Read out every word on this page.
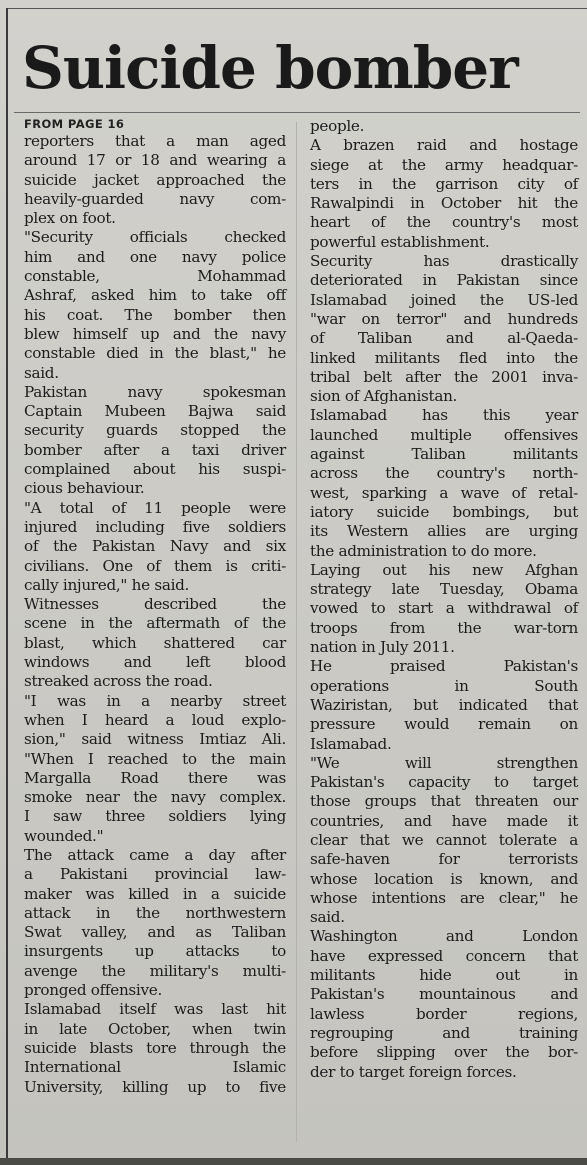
Suicide bomber
FROM PAGE 16
reporters that a man aged
around 17 or 18 and wearing a
suicide jacket approached the
heavily-guarded navy com-
plex on foot.
"Security officials checked
him and one navy police
constable, Mohammad
Ashraf, asked him to take off
his coat. The bomber then
blew himself up and the navy
constable died in the blast," he
said.
Pakistan navy spokesman
Captain Mubeen Bajwa said
security guards stopped the
bomber after a taxi driver
complained about his suspi-
cious behaviour.
"A total of 11 people were
injured including five soldiers
of the Pakistan Navy and six
civilians. One of them is criti-
cally injured," he said.
Witnesses described the
scene in the aftermath of the
blast, which shattered car
windows and left blood
streaked across the road.
"I was in a nearby street
when I heard a loud explo-
sion," said witness Imtiaz Ali.
"When I reached to the main
Margalla Road there was
smoke near the navy complex.
I saw three soldiers lying
wounded."
The attack came a day after
a Pakistani provincial law-
maker was killed in a suicide
attack in the northwestern
Swat valley, and as Taliban
insurgents up attacks to
avenge the military's multi-
pronged offensive.
Islamabad itself was last hit
in late October, when twin
suicide blasts tore through the
International Islamic
University, killing up to five
people.
A brazen raid and hostage
siege at the army headquar-
ters in the garrison city of
Rawalpindi in October hit the
heart of the country's most
powerful establishment.
Security has drastically
deteriorated in Pakistan since
Islamabad joined the US-led
"war on terror" and hundreds
of Taliban and al-Qaeda-
linked militants fled into the
tribal belt after the 2001 inva-
sion of Afghanistan.
Islamabad has this year
launched multiple offensives
against Taliban militants
across the country's north-
west, sparking a wave of retal-
iatory suicide bombings, but
its Western allies are urging
the administration to do more.
Laying out his new Afghan
strategy late Tuesday, Obama
vowed to start a withdrawal of
troops from the war-torn
nation in July 2011.
He praised Pakistan's
operations in South
Waziristan, but indicated that
pressure would remain on
Islamabad.
"We will strengthen
Pakistan's capacity to target
those groups that threaten our
countries, and have made it
clear that we cannot tolerate a
safe-haven for terrorists
whose location is known, and
whose intentions are clear," he
said.
Washington and London
have expressed concern that
militants hide out in
Pakistan's mountainous and
lawless border regions,
regrouping and training
before slipping over the bor-
der to target foreign forces.
